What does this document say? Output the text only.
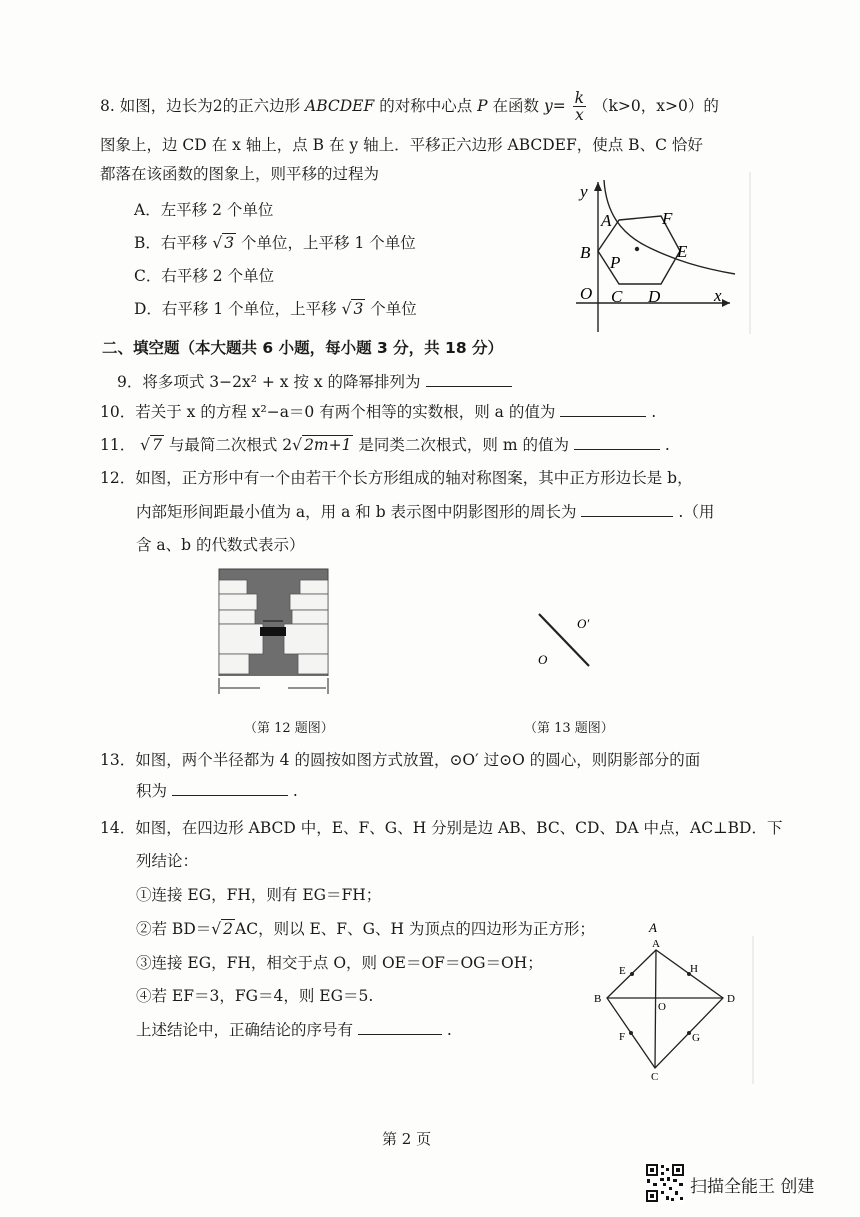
8. 如图，边长为2的正六边形 ABCDEF 的对称中心点 P 在函数 $y= \frac{k}{x} (k>0$，x>0）的
图象上，边 CD 在 x 轴上，点 B 在 y 轴上．平移正六边形 ABCDEF，使点 B、C 恰好
都落在该函数的图象上，则平移的过程为
A．左平移 2 个单位
B．右平移 √ 3 个单位，上平移 1 个单位
C．右平移 2 个单位
D．右平移 1 个单位，上平移 √ 3 个单位
y
x
O
A
B
C D
E
F
P
二、填空题（本大题共 6 小题，每小题 3 分，共 18 分）
9．将多项式 3−2x² + x 按 x 的降幂排列为
10．若关于 x 的方程 x²−a＝0 有两个相等的实数根，则 a 的值为	.
11． √ 7 与最简二次根式 2√ 2m+1 是同类二次根式，则 m 的值为	.
12．如图，正方形中有一个由若干个长方形组成的轴对称图案，其中正方形边长是 b，
内部矩形间距最小值为 a，用 a 和 b 表示图中阴影图形的周长为	.（用
含 a、b 的代数式表示）
（第 12 题图）
O′
O
（第 13 题图）
13．如图，两个半径都为 4 的圆按如图方式放置，⊙O′ 过⊙O 的圆心，则阴影部分的面
积为	.
14．如图，在四边形 ABCD 中，E、F、G、H 分别是边 AB、BC、CD、DA 中点，AC⊥BD．下
列结论：
①连接 EG，FH，则有 EG＝FH；
②若 BD＝√ 2 AC，则以 E、F、G、H 为顶点的四边形为正方形；
③连接 EG，FH，相交于点 O，则 OE＝OF＝OG＝OH；
④若 EF＝3，FG＝4，则 EG＝5.
上述结论中，正确结论的序号有	.
A
A
B	D
C
E	H
F	G
O
第 2 页
扫描全能王 创建
